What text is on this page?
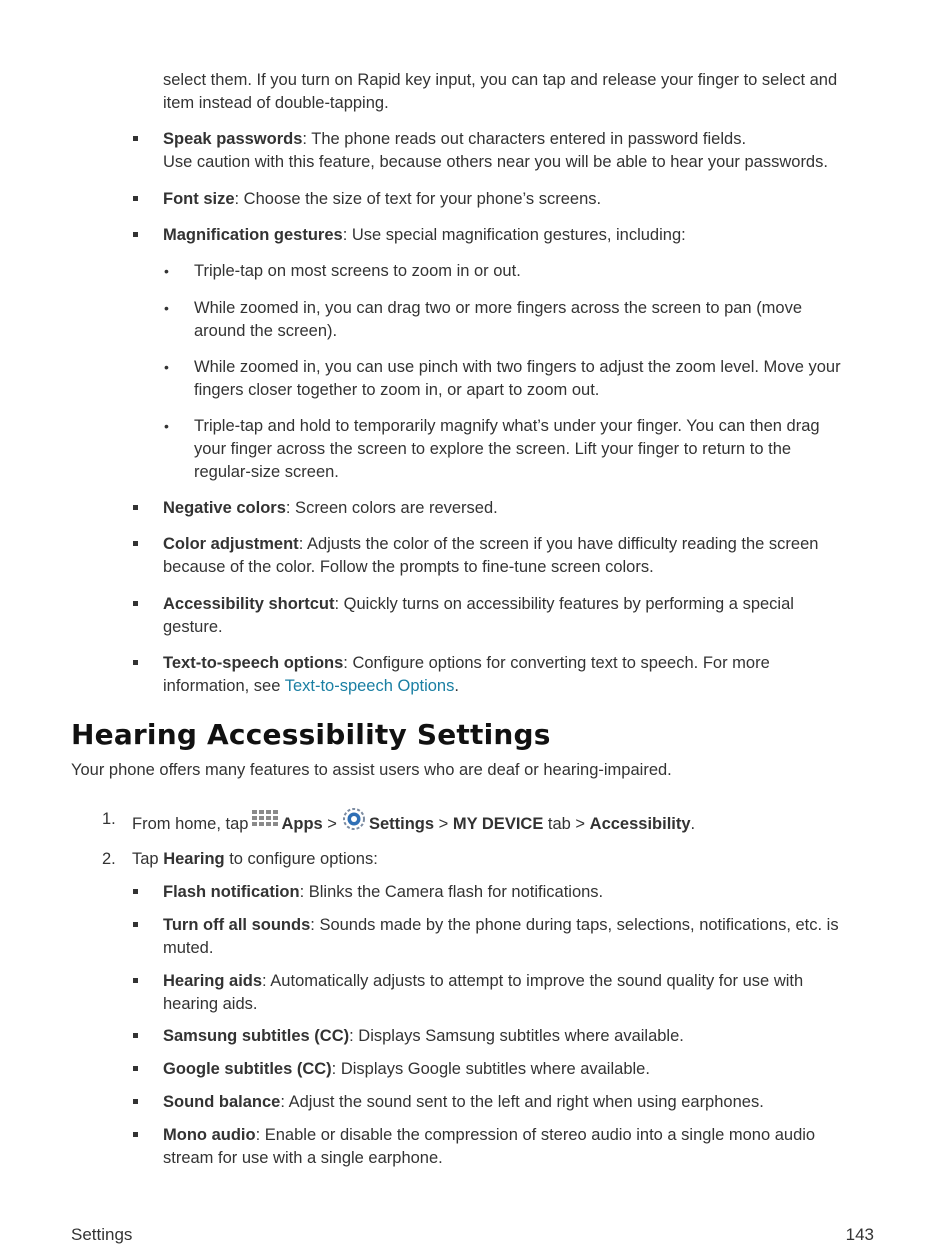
select them. If you turn on Rapid key input, you can tap and release your finger to select and
item instead of double-tapping.
Speak passwords: The phone reads out characters entered in password fields.
Use caution with this feature, because others near you will be able to hear your passwords.
Font size: Choose the size of text for your phone’s screens.
Magnification gestures: Use special magnification gestures, including:
• Triple-tap on most screens to zoom in or out.
• While zoomed in, you can drag two or more fingers across the screen to pan (move
around the screen).
• While zoomed in, you can use pinch with two fingers to adjust the zoom level. Move your
fingers closer together to zoom in, or apart to zoom out.
• Triple-tap and hold to temporarily magnify what’s under your finger. You can then drag
your finger across the screen to explore the screen. Lift your finger to return to the
regular-size screen.
Negative colors: Screen colors are reversed.
Color adjustment: Adjusts the color of the screen if you have difficulty reading the screen
because of the color. Follow the prompts to fine-tune screen colors.
Accessibility shortcut: Quickly turns on accessibility features by performing a special
gesture.
Text-to-speech options: Configure options for converting text to speech. For more
information, see Text-to-speech Options.
Hearing Accessibility Settings
Your phone offers many features to assist users who are deaf or hearing-impaired.
1. From home, tap Apps > Settings > MY DEVICE tab > Accessibility.
2. Tap Hearing to configure options:
Flash notification: Blinks the Camera flash for notifications.
Turn off all sounds: Sounds made by the phone during taps, selections, notifications, etc. is
muted.
Hearing aids: Automatically adjusts to attempt to improve the sound quality for use with
hearing aids.
Samsung subtitles (CC): Displays Samsung subtitles where available.
Google subtitles (CC): Displays Google subtitles where available.
Sound balance: Adjust the sound sent to the left and right when using earphones.
Mono audio: Enable or disable the compression of stereo audio into a single mono audio
stream for use with a single earphone.
Settings	143
